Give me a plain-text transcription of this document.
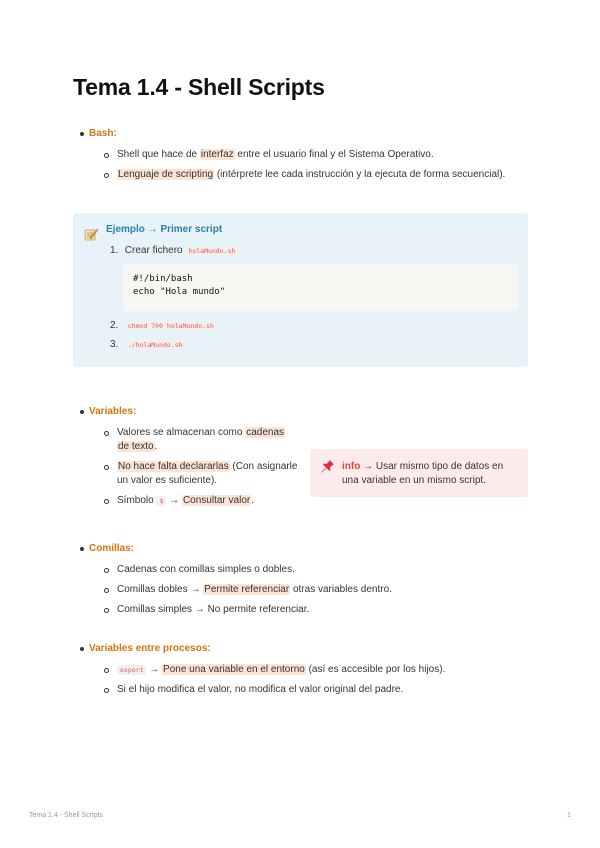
Tema 1.4 - Shell Scripts
Bash:
Shell que hace de interfaz entre el usuario final y el Sistema Operativo.
Lenguaje de scripting (intérprete lee cada instrucción y la ejecuta de forma secuencial).
Ejemplo → Primer script
1. Crear fichero holaMundo.sh
#!/bin/bash
echo "Hola mundo"
2. chmod 700 holaMundo.sh
3. ./holaMundo.sh
Variables:
Valores se almacenan como cadenas
de texto.
No hace falta declararlas (Con asignarle
un valor es suficiente).
Símbolo $ → Consultar valor.
info → Usar mismo tipo de datos en una variable en un mismo script.
Comillas:
Cadenas con comillas simples o dobles.
Comillas dobles → Permite referenciar otras variables dentro.
Comillas simples → No permite referenciar.
Variables entre procesos:
export → Pone una variable en el entorno (así es accesible por los hijos).
Si el hijo modifica el valor, no modifica el valor original del padre.
Tema 1.4 - Shell Scripts	1
